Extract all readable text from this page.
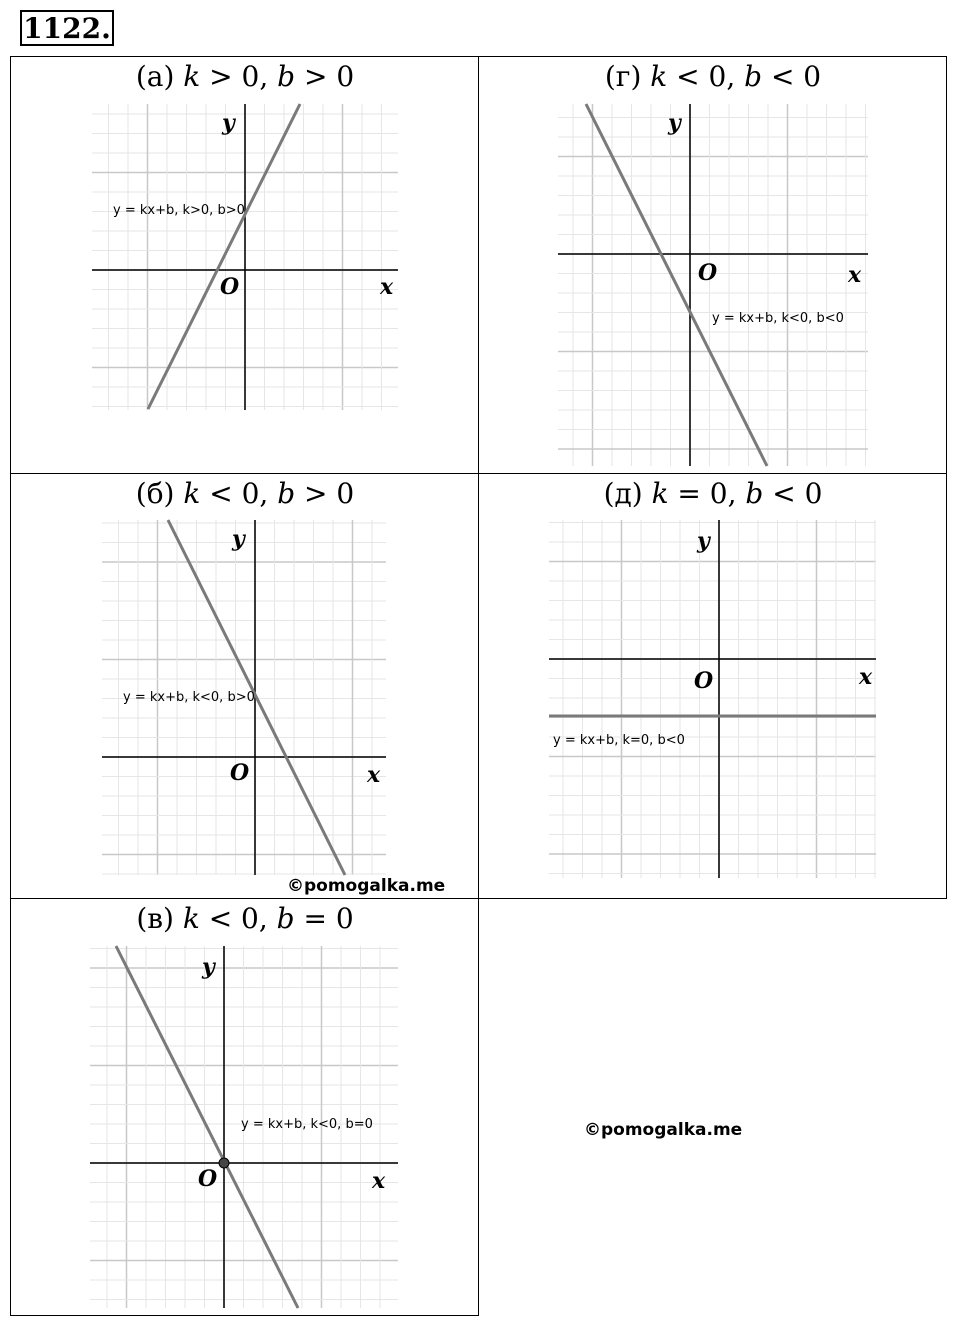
1122.
(а) 𝑘 > 0, 𝑏 > 0	(г) 𝑘 < 0, 𝑏 < 0
(б) 𝑘 < 0, 𝑏 > 0	(д) 𝑘 = 0, 𝑏 < 0
(в) 𝑘 < 0, 𝑏 = 0
y
x
O
y = kx+b, k>0, b>0
y
x
O
y = kx+b, k<0, b<0
y
x
O
y = kx+b, k<0, b>0
y
x
O
y = kx+b, k=0, b<0
y
x
O
y = kx+b, k<0, b=0
©pomogalka.me
©pomogalka.me
